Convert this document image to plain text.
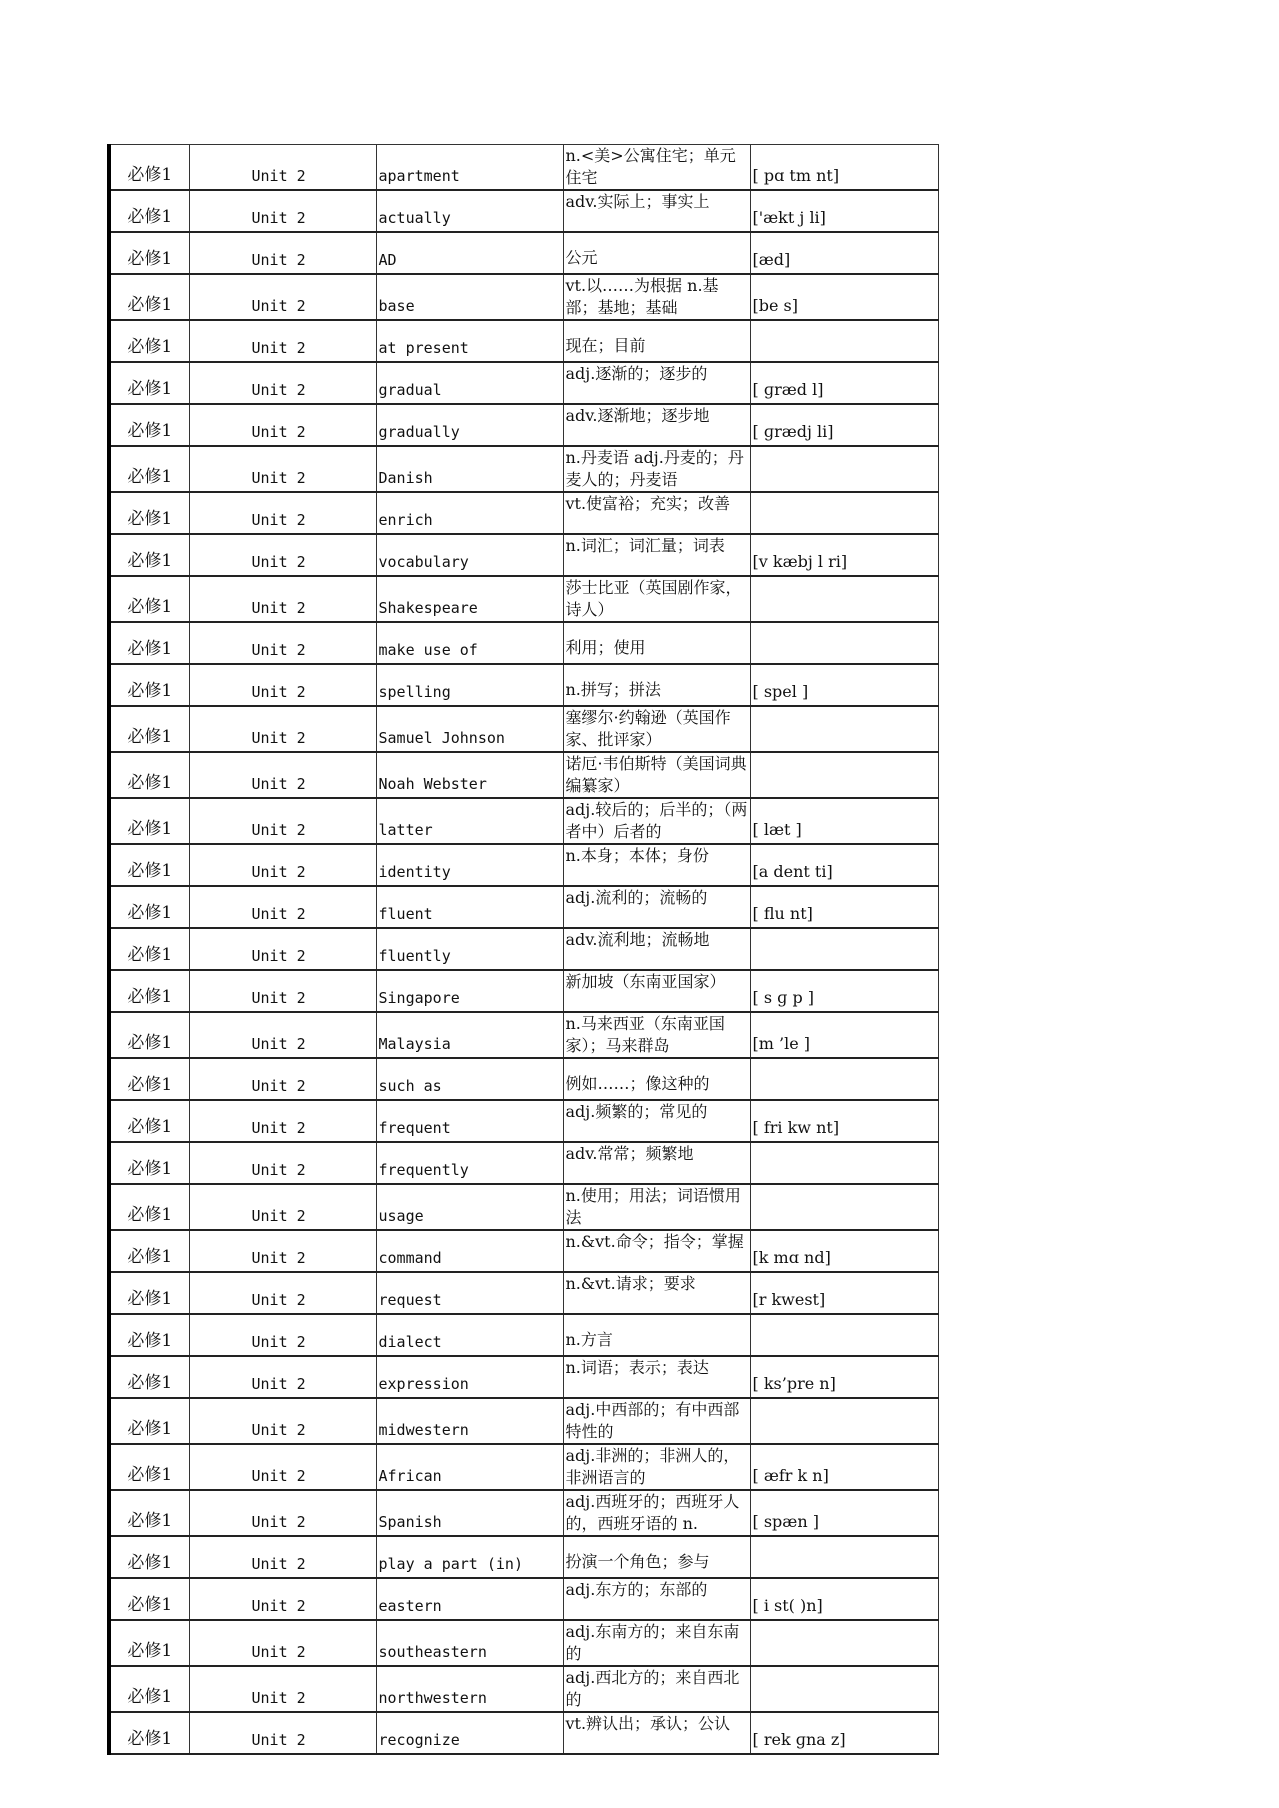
必修1	Unit 2	apartment	n.<美>公寓住宅；单元住宅	[ pɑ tm nt]
必修1	Unit 2	actually	adv.实际上；事实上	['ækt j li]
必修1	Unit 2	AD	公元	[æd]
必修1	Unit 2	base	vt.以……为根据 n.基部；基地；基础	[be s]
必修1	Unit 2	at present	现在；目前	
必修1	Unit 2	gradual	adj.逐渐的；逐步的	[ ɡræd l]
必修1	Unit 2	gradually	adv.逐渐地；逐步地	[ ɡrædj li]
必修1	Unit 2	Danish	n.丹麦语 adj.丹麦的；丹麦人的；丹麦语	
必修1	Unit 2	enrich	vt.使富裕；充实；改善	
必修1	Unit 2	vocabulary	n.词汇；词汇量；词表	[v kæbj l ri]
必修1	Unit 2	Shakespeare	莎士比亚（英国剧作家，诗人）	
必修1	Unit 2	make use of	利用；使用	
必修1	Unit 2	spelling	n.拼写；拼法	[ spel ]
必修1	Unit 2	Samuel Johnson	塞缪尔·约翰逊（英国作家、批评家）	
必修1	Unit 2	Noah Webster	诺厄·韦伯斯特（美国词典编纂家）	
必修1	Unit 2	latter	adj.较后的；后半的；（两者中）后者的	[ læt ]
必修1	Unit 2	identity	n.本身；本体；身份	[a dent ti]
必修1	Unit 2	fluent	adj.流利的；流畅的	[ flu nt]
必修1	Unit 2	fluently	adv.流利地；流畅地	
必修1	Unit 2	Singapore	新加坡（东南亚国家）	[ s ɡ p ]
必修1	Unit 2	Malaysia	n.马来西亚（东南亚国家）；马来群岛	[m ’le ]
必修1	Unit 2	such as	例如……；像这种的	
必修1	Unit 2	frequent	adj.频繁的；常见的	[ fri kw nt]
必修1	Unit 2	frequently	adv.常常；频繁地	
必修1	Unit 2	usage	n.使用；用法；词语惯用法	
必修1	Unit 2	command	n.&vt.命令；指令；掌握	[k mɑ nd]
必修1	Unit 2	request	n.&vt.请求；要求	[r kwest]
必修1	Unit 2	dialect	n.方言	
必修1	Unit 2	expression	n.词语；表示；表达	[ ks’pre n]
必修1	Unit 2	midwestern	adj.中西部的；有中西部特性的	
必修1	Unit 2	African	adj.非洲的；非洲人的，非洲语言的	[ æfr k n]
必修1	Unit 2	Spanish	adj.西班牙的；西班牙人的，西班牙语的 n.	[ spæn ]
必修1	Unit 2	play a part (in)	扮演一个角色；参与	
必修1	Unit 2	eastern	adj.东方的；东部的	[ i st( )n]
必修1	Unit 2	southeastern	adj.东南方的；来自东南的	
必修1	Unit 2	northwestern	adj.西北方的；来自西北的	
必修1	Unit 2	recognize	vt.辨认出；承认；公认	[ rek ɡna z]
